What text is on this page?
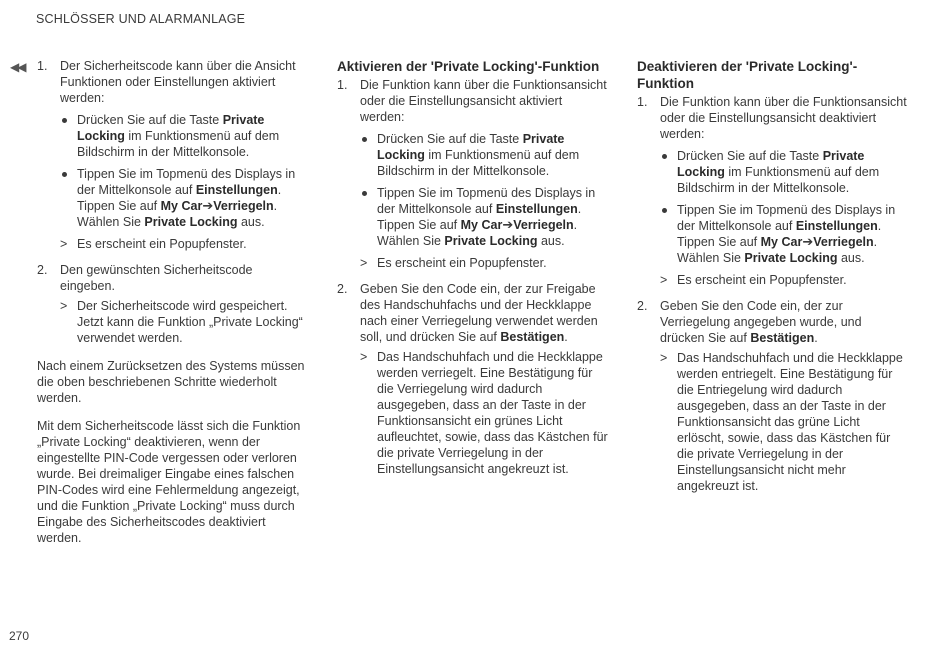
SCHLÖSSER UND ALARMANLAGE
◀◀ 1. Der Sicherheitscode kann über die Ansicht Funktionen oder Einstellungen aktiviert werden:

Drücken Sie auf die Taste Private Locking im Funktionsmenü auf dem Bildschirm in der Mittelkonsole.
Tippen Sie im Topmenü des Displays in der Mittelkonsole auf Einstellungen. Tippen Sie auf My Car➔Verriegeln. Wählen Sie Private Locking aus.

> Es erscheint ein Popupfenster.

2. Den gewünschten Sicherheitscode eingeben.

> Der Sicherheitscode wird gespeichert. Jetzt kann die Funktion „Private Locking“ verwendet werden.

Nach einem Zurücksetzen des Systems müssen die oben beschriebenen Schritte wiederholt werden.

Mit dem Sicherheitscode lässt sich die Funktion „Private Locking“ deaktivieren, wenn der eingestellte PIN-Code vergessen oder verloren wurde. Bei dreimaliger Eingabe eines falschen PIN-Codes wird eine Fehlermeldung angezeigt, und die Funktion „Private Locking“ muss durch Eingabe des Sicherheitscodes deaktiviert werden.

Aktivieren der 'Private Locking'-Funktion

1. Die Funktion kann über die Funktionsansicht oder die Einstellungsansicht aktiviert werden:

Drücken Sie auf die Taste Private Locking im Funktionsmenü auf dem Bildschirm in der Mittelkonsole.
Tippen Sie im Topmenü des Displays in der Mittelkonsole auf Einstellungen. Tippen Sie auf My Car➔Verriegeln. Wählen Sie Private Locking aus.

> Es erscheint ein Popupfenster.

2. Geben Sie den Code ein, der zur Freigabe des Handschuhfachs und der Heckklappe nach einer Verriegelung verwendet werden soll, und drücken Sie auf Bestätigen.

> Das Handschuhfach und die Heckklappe werden verriegelt. Eine Bestätigung für die Verriegelung wird dadurch ausgegeben, dass an der Taste in der Funktionsansicht ein grünes Licht aufleuchtet, sowie, dass das Kästchen für die private Verriegelung in der Einstellungsansicht angekreuzt ist.

Deaktivieren der 'Private Locking'-Funktion

1. Die Funktion kann über die Funktionsansicht oder die Einstellungsansicht deaktiviert werden:

Drücken Sie auf die Taste Private Locking im Funktionsmenü auf dem Bildschirm in der Mittelkonsole.
Tippen Sie im Topmenü des Displays in der Mittelkonsole auf Einstellungen. Tippen Sie auf My Car➔Verriegeln. Wählen Sie Private Locking aus.

> Es erscheint ein Popupfenster.

2. Geben Sie den Code ein, der zur Verriegelung angegeben wurde, und drücken Sie auf Bestätigen.

> Das Handschuhfach und die Heckklappe werden entriegelt. Eine Bestätigung für die Entriegelung wird dadurch ausgegeben, dass an der Taste in der Funktionsansicht das grüne Licht erlöscht, sowie, dass das Kästchen für die private Verriegelung in der Einstellungsansicht nicht mehr angekreuzt ist.

270
